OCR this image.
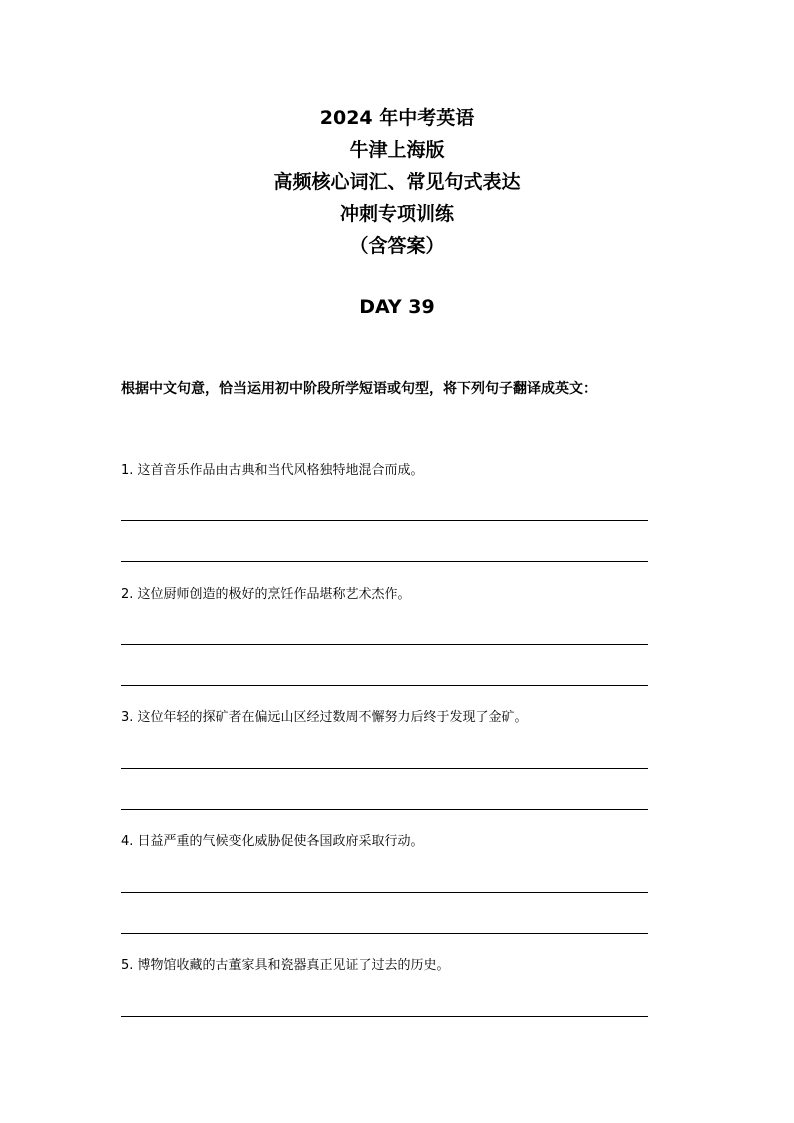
2024 年中考英语
牛津上海版
高频核心词汇、常见句式表达
冲刺专项训练
（含答案）
DAY 39
根据中文句意，恰当运用初中阶段所学短语或句型，将下列句子翻译成英文：
1. 这首音乐作品由古典和当代风格独特地混合而成。
2. 这位厨师创造的极好的烹饪作品堪称艺术杰作。
3. 这位年轻的探矿者在偏远山区经过数周不懈努力后终于发现了金矿。
4. 日益严重的气候变化威胁促使各国政府采取行动。
5. 博物馆收藏的古董家具和瓷器真正见证了过去的历史。
